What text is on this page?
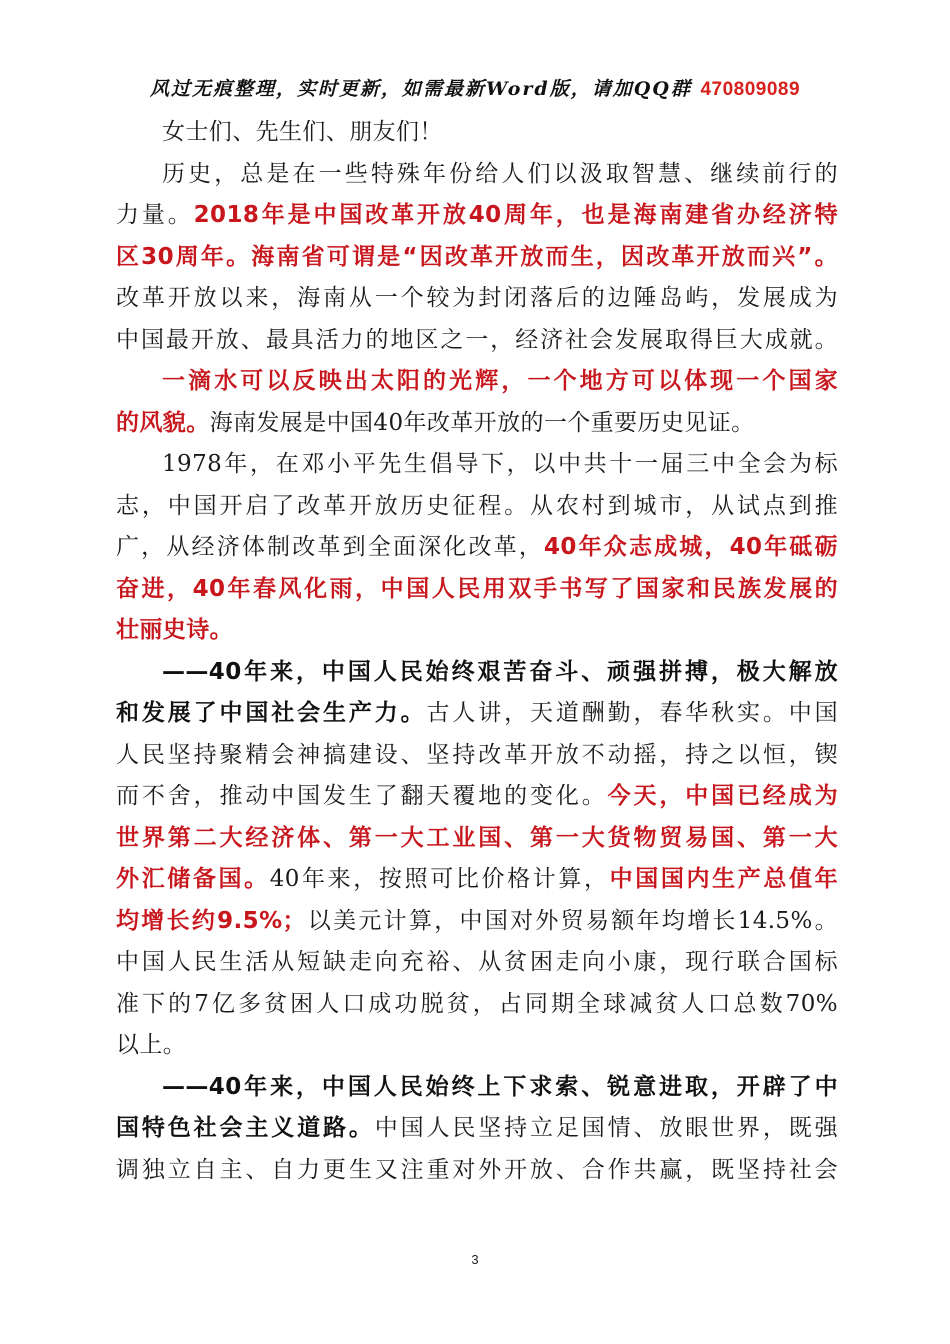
风过无痕整理，实时更新，如需最新Word版，请加QQ群 470809089
女士们、先生们、朋友们！
历史，总是在一些特殊年份给人们以汲取智慧、继续前行的
力量。2018年是中国改革开放40周年，也是海南建省办经济特
区30周年。海南省可谓是“因改革开放而生，因改革开放而兴”。
改革开放以来，海南从一个较为封闭落后的边陲岛屿，发展成为
中国最开放、最具活力的地区之一，经济社会发展取得巨大成就。
一滴水可以反映出太阳的光辉，一个地方可以体现一个国家
的风貌。海南发展是中国40年改革开放的一个重要历史见证。
1978年，在邓小平先生倡导下，以中共十一届三中全会为标
志，中国开启了改革开放历史征程。从农村到城市，从试点到推
广，从经济体制改革到全面深化改革，40年众志成城，40年砥砺
奋进，40年春风化雨，中国人民用双手书写了国家和民族发展的
壮丽史诗。
——40年来，中国人民始终艰苦奋斗、顽强拼搏，极大解放
和发展了中国社会生产力。古人讲，天道酬勤，春华秋实。中国
人民坚持聚精会神搞建设、坚持改革开放不动摇，持之以恒，锲
而不舍，推动中国发生了翻天覆地的变化。今天，中国已经成为
世界第二大经济体、第一大工业国、第一大货物贸易国、第一大
外汇储备国。40年来，按照可比价格计算，中国国内生产总值年
均增长约9.5%；以美元计算，中国对外贸易额年均增长14.5%。
中国人民生活从短缺走向充裕、从贫困走向小康，现行联合国标
准下的7亿多贫困人口成功脱贫，占同期全球减贫人口总数70%
以上。
——40年来，中国人民始终上下求索、锐意进取，开辟了中
国特色社会主义道路。中国人民坚持立足国情、放眼世界，既强
调独立自主、自力更生又注重对外开放、合作共赢，既坚持社会
3
